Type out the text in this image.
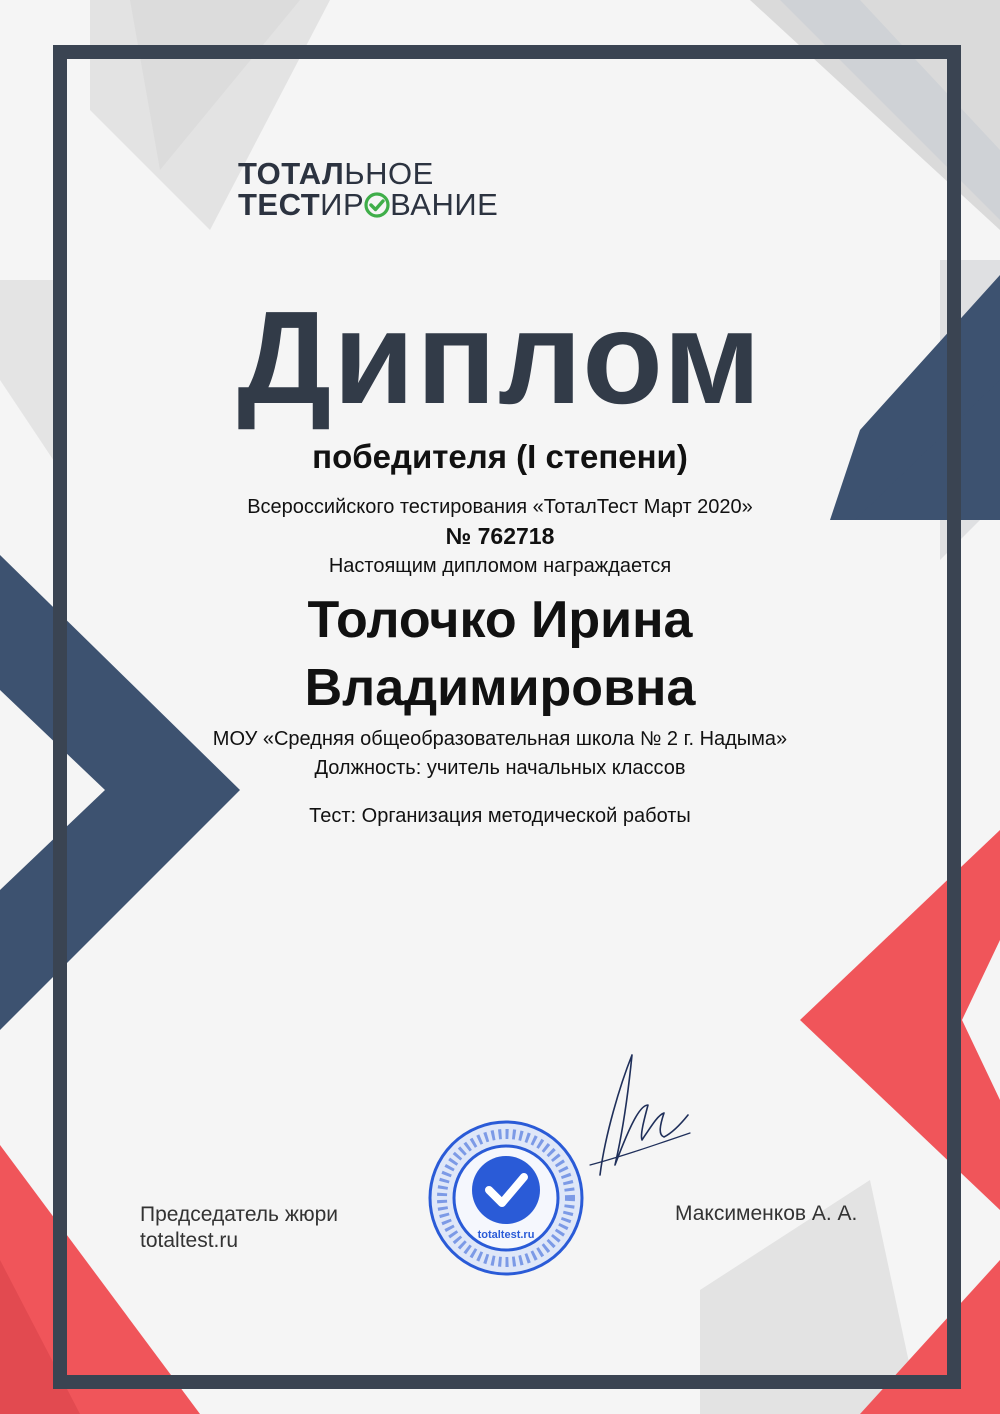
ТОТАЛЬНОЕ
ТЕСТИР ВАНИЕ
Диплом
победителя (I степени)
Всероссийского тестирования «ТоталТест Март 2020»
№ 762718
Настоящим дипломом награждается
Толочко Ирина
Владимировна
МОУ «Средняя общеобразовательная школа № 2 г. Надыма»
Должность: учитель начальных классов
Тест: Организация методической работы
Председатель жюри
totaltest.ru
Максименков А. А.
totaltest.ru
